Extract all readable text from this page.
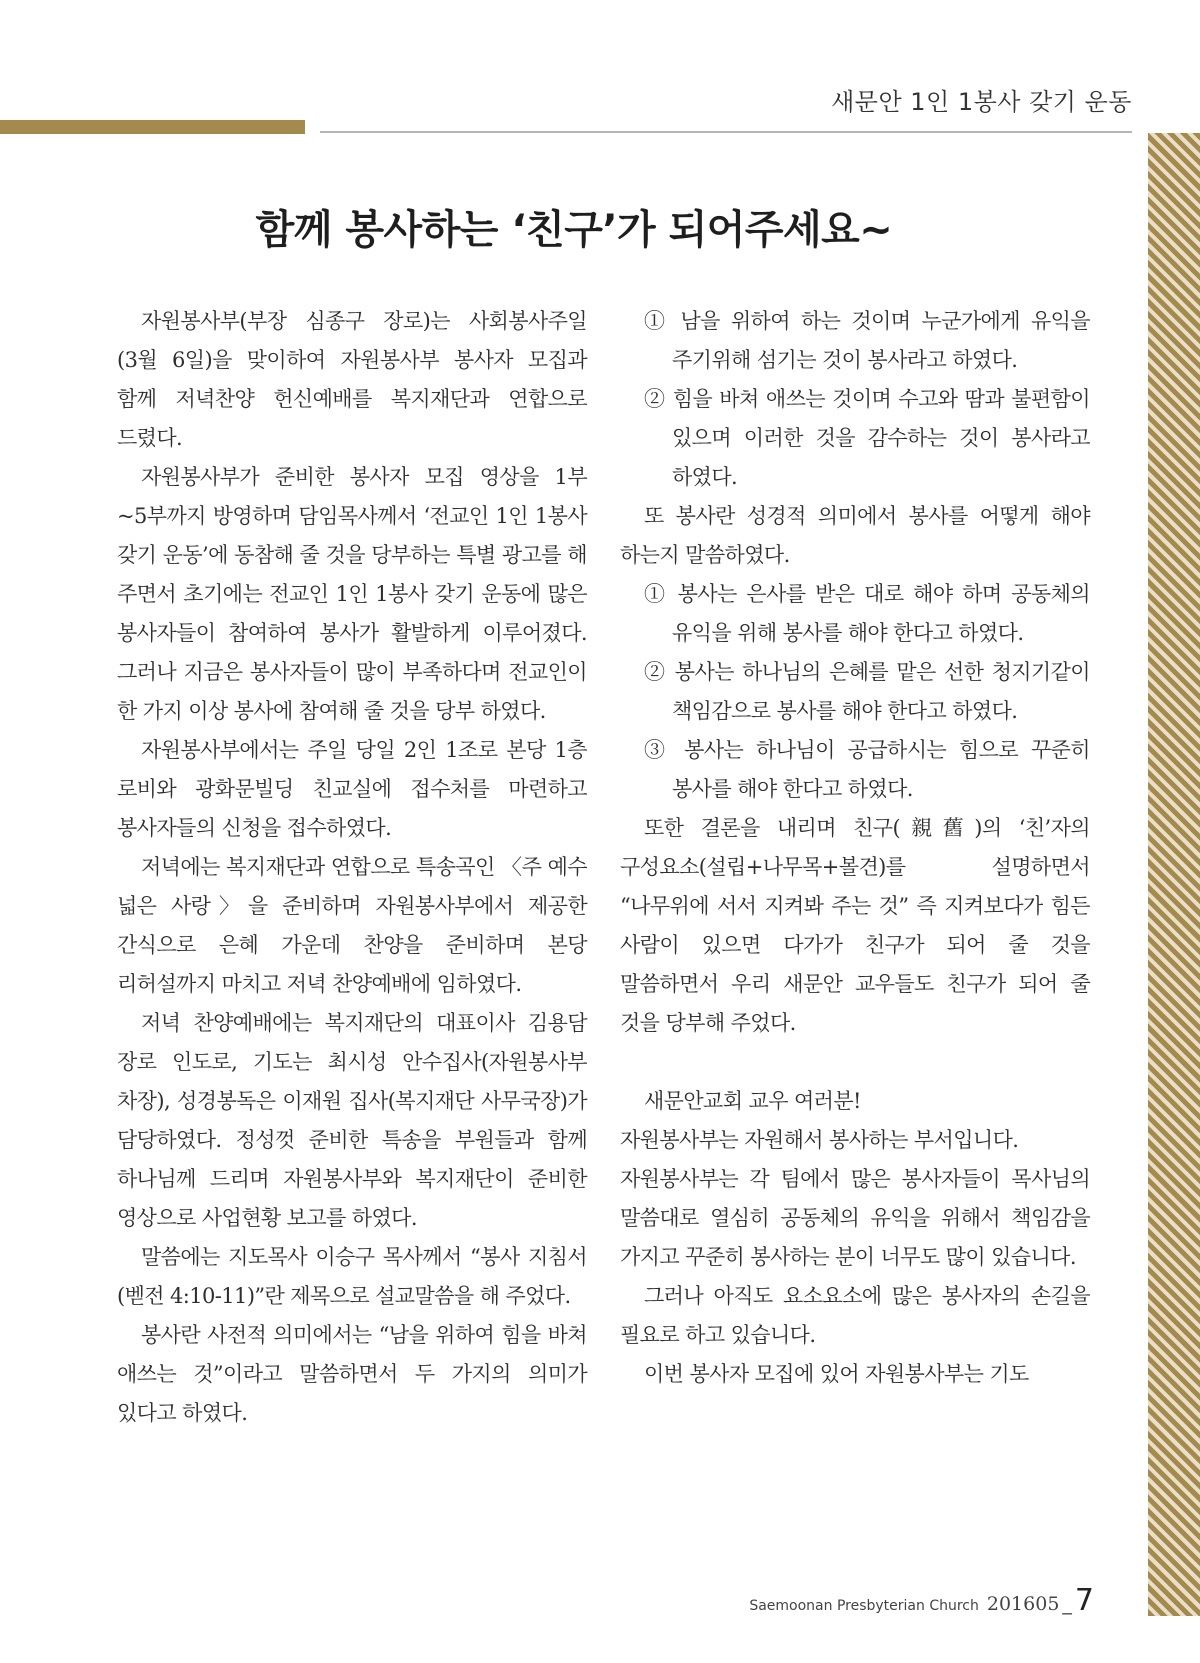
새문안 1인 1봉사 갖기 운동
함께 봉사하는 ‘친구’가 되어주세요~

자원봉사부(부장 심종구 장로)는 사회봉사주일(3월 6일)을 맞이하여 자원봉사부 봉사자 모집과 함께 저녁찬양 헌신예배를 복지재단과 연합으로 드렸다.

자원봉사부가 준비한 봉사자 모집 영상을 1부~5부까지 방영하며 담임목사께서 ‘전교인 1인 1봉사 갖기 운동’에 동참해 줄 것을 당부하는 특별 광고를 해 주면서 초기에는 전교인 1인 1봉사 갖기 운동에 많은 봉사자들이 참여하여 봉사가 활발하게 이루어졌다. 그러나 지금은 봉사자들이 많이 부족하다며 전교인이 한 가지 이상 봉사에 참여해 줄 것을 당부 하였다.

자원봉사부에서는 주일 당일 2인 1조로 본당 1층 로비와 광화문빌딩 친교실에 접수처를 마련하고 봉사자들의 신청을 접수하였다.

저녁에는 복지재단과 연합으로 특송곡인 〈주 예수 넓은 사랑〉을 준비하며 자원봉사부에서 제공한 간식으로 은혜 가운데 찬양을 준비하며 본당 리허설까지 마치고 저녁 찬양예배에 임하였다.

저녁 찬양예배에는 복지재단의 대표이사 김용담 장로 인도로, 기도는 최시성 안수집사(자원봉사부 차장), 성경봉독은 이재원 집사(복지재단 사무국장)가 담당하였다. 정성껏 준비한 특송을 부원들과 함께 하나님께 드리며 자원봉사부와 복지재단이 준비한 영상으로 사업현황 보고를 하였다.

말씀에는 지도목사 이승구 목사께서 “봉사 지침서(벧전 4:10-11)”란 제목으로 설교말씀을 해 주었다.

봉사란 사전적 의미에서는 “남을 위하여 힘을 바쳐 애쓰는 것”이라고 말씀하면서 두 가지의 의미가 있다고 하였다.

① 남을 위하여 하는 것이며 누군가에게 유익을 주기위해 섬기는 것이 봉사라고 하였다.

② 힘을 바쳐 애쓰는 것이며 수고와 땀과 불편함이 있으며 이러한 것을 감수하는 것이 봉사라고 하였다.

또 봉사란 성경적 의미에서 봉사를 어떻게 해야 하는지 말씀하였다.

① 봉사는 은사를 받은 대로 해야 하며 공동체의 유익을 위해 봉사를 해야 한다고 하였다.

② 봉사는 하나님의 은혜를 맡은 선한 청지기같이 책임감으로 봉사를 해야 한다고 하였다.

③ 봉사는 하나님이 공급하시는 힘으로 꾸준히 봉사를 해야 한다고 하였다.

또한 결론을 내리며 친구(親舊)의 ‘친’자의 구성요소(설립+나무목+볼견)를 설명하면서 “나무위에 서서 지켜봐 주는 것” 즉 지켜보다가 힘든 사람이 있으면 다가가 친구가 되어 줄 것을 말씀하면서 우리 새문안 교우들도 친구가 되어 줄 것을 당부해 주었다.

새문안교회 교우 여러분!

자원봉사부는 자원해서 봉사하는 부서입니다.

자원봉사부는 각 팀에서 많은 봉사자들이 목사님의 말씀대로 열심히 공동체의 유익을 위해서 책임감을 가지고 꾸준히 봉사하는 분이 너무도 많이 있습니다.

그러나 아직도 요소요소에 많은 봉사자의 손길을 필요로 하고 있습니다.

이번 봉사자 모집에 있어 자원봉사부는 기도

Saemoonan Presbyterian Church 201605 _ 7
